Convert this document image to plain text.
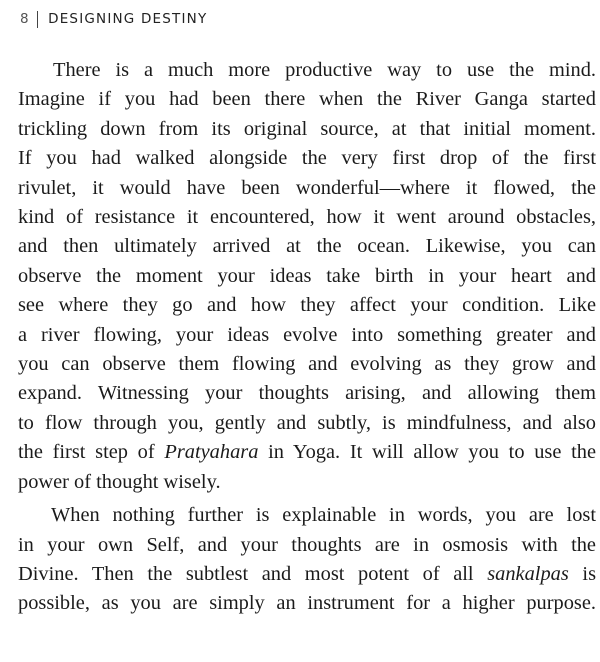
8 DESIGNING DESTINY

There is a much more productive way to use the mind.
Imagine if you had been there when the River Ganga started
trickling down from its original source, at that initial moment.
If you had walked alongside the very first drop of the first
rivulet, it would have been wonderful—where it flowed, the
kind of resistance it encountered, how it went around obstacles,
and then ultimately arrived at the ocean. Likewise, you can
observe the moment your ideas take birth in your heart and
see where they go and how they affect your condition. Like
a river flowing, your ideas evolve into something greater and
you can observe them flowing and evolving as they grow and
expand. Witnessing your thoughts arising, and allowing them
to flow through you, gently and subtly, is mindfulness, and also
the first step of Pratyahara in Yoga. It will allow you to use the
power of thought wisely.

When nothing further is explainable in words, you are lost
in your own Self, and your thoughts are in osmosis with the
Divine. Then the subtlest and most potent of all sankalpas is
possible, as you are simply an instrument for a higher purpose.
